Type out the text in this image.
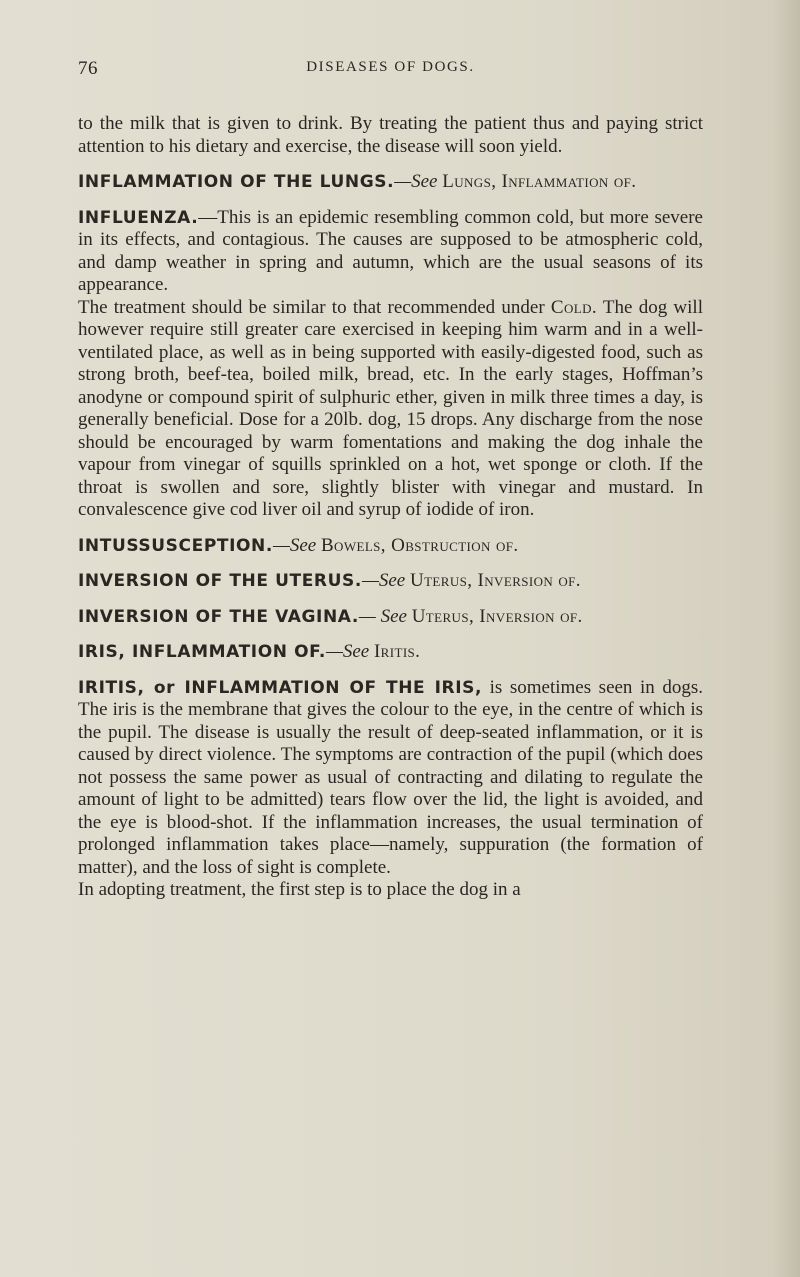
76	DISEASES OF DOGS.

to the milk that is given to drink. By treating the patient thus and paying strict attention to his dietary and exercise, the disease will soon yield.

INFLAMMATION OF THE LUNGS.—See Lungs, Inflammation of.

INFLUENZA.—This is an epidemic resembling common cold, but more severe in its effects, and contagious. The causes are supposed to be atmospheric cold, and damp weather in spring and autumn, which are the usual seasons of its appearance.

The treatment should be similar to that recommended under Cold. The dog will however require still greater care exercised in keeping him warm and in a well-ventilated place, as well as in being supported with easily-digested food, such as strong broth, beef-tea, boiled milk, bread, etc. In the early stages, Hoffman’s anodyne or compound spirit of sulphuric ether, given in milk three times a day, is generally beneficial. Dose for a 20lb. dog, 15 drops. Any discharge from the nose should be encouraged by warm fomentations and making the dog inhale the vapour from vinegar of squills sprinkled on a hot, wet sponge or cloth. If the throat is swollen and sore, slightly blister with vinegar and mustard. In convalescence give cod liver oil and syrup of iodide of iron.

INTUSSUSCEPTION.—See Bowels, Obstruction of.

INVERSION OF THE UTERUS.—See Uterus, Inversion of.

INVERSION OF THE VAGINA.— See Uterus, Inversion of.

IRIS, INFLAMMATION OF.—See Iritis.

IRITIS, or INFLAMMATION OF THE IRIS, is sometimes seen in dogs. The iris is the membrane that gives the colour to the eye, in the centre of which is the pupil. The disease is usually the result of deep-seated inflammation, or it is caused by direct violence. The symptoms are contraction of the pupil (which does not possess the same power as usual of contracting and dilating to regulate the amount of light to be admitted) tears flow over the lid, the light is avoided, and the eye is blood-shot. If the inflammation increases, the usual termination of prolonged inflammation takes place—namely, suppuration (the formation of matter), and the loss of sight is complete.

In adopting treatment, the first step is to place the dog in a
